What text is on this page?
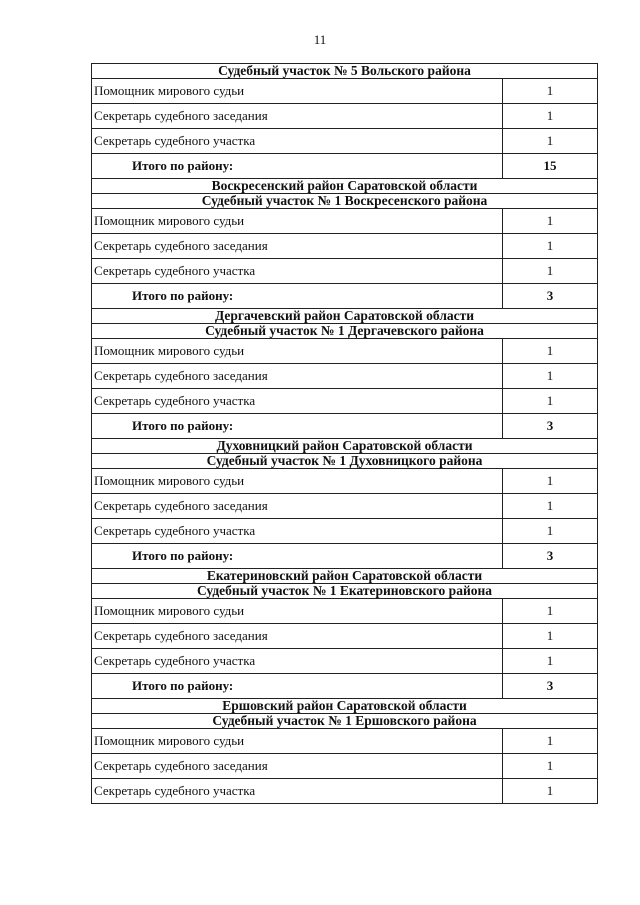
11
Судебный участок № 5 Вольского района	
Помощник мирового судьи	1
Секретарь судебного заседания	1
Секретарь судебного участка	1
Итого по району:	15
Воскресенский район Саратовской области	
Судебный участок № 1 Воскресенского района	
Помощник мирового судьи	1
Секретарь судебного заседания	1
Секретарь судебного участка	1
Итого по району:	3
Дергачевский район Саратовской области	
Судебный участок № 1 Дергачевского района	
Помощник мирового судьи	1
Секретарь судебного заседания	1
Секретарь судебного участка	1
Итого по району:	3
Духовницкий район Саратовской области	
Судебный участок № 1 Духовницкого района	
Помощник мирового судьи	1
Секретарь судебного заседания	1
Секретарь судебного участка	1
Итого по району:	3
Екатериновский район Саратовской области	
Судебный участок № 1 Екатериновского района	
Помощник мирового судьи	1
Секретарь судебного заседания	1
Секретарь судебного участка	1
Итого по району:	3
Ершовский район Саратовской области	
Судебный участок № 1 Ершовского района	
Помощник мирового судьи	1
Секретарь судебного заседания	1
Секретарь судебного участка	1
